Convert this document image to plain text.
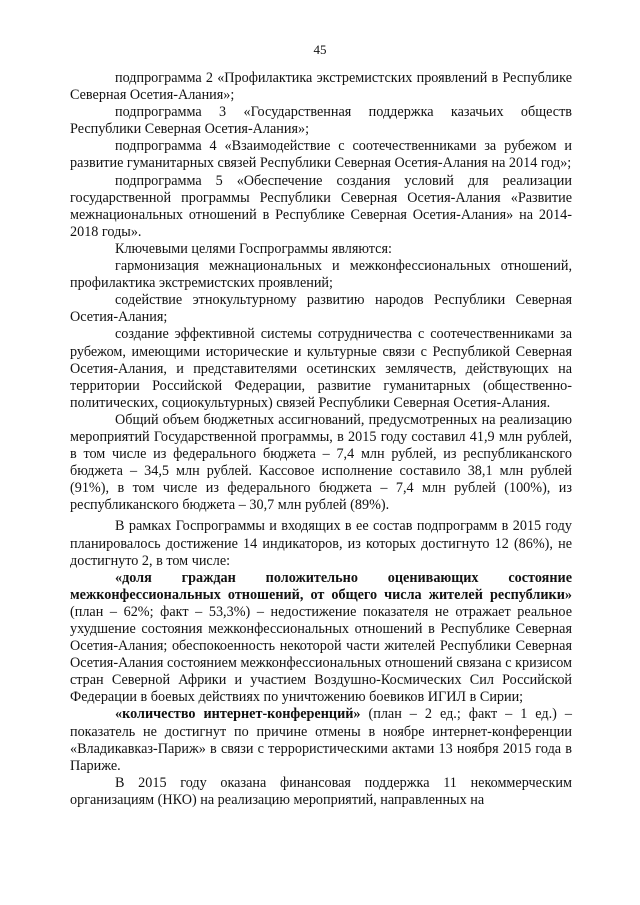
45

подпрограмма 2 «Профилактика экстремистских проявлений в Республике Северная Осетия-Алания»;

подпрограмма 3 «Государственная поддержка казачьих обществ Республики Северная Осетия-Алания»;

подпрограмма 4 «Взаимодействие с соотечественниками за рубежом и развитие гуманитарных связей Республики Северная Осетия-Алания на 2014 год»;

подпрограмма 5 «Обеспечение создания условий для реализации государственной программы Республики Северная Осетия-Алания «Развитие межнациональных отношений в Республике Северная Осетия-Алания» на 2014-2018 годы».

Ключевыми целями Госпрограммы являются:

гармонизация межнациональных и межконфессиональных отношений, профилактика экстремистских проявлений;

содействие этнокультурному развитию народов Республики Северная Осетия-Алания;

создание эффективной системы сотрудничества с соотечественниками за рубежом, имеющими исторические и культурные связи с Республикой Северная Осетия-Алания, и представителями осетинских землячеств, действующих на территории Российской Федерации, развитие гуманитарных (общественно-политических, социокультурных) связей Республики Северная Осетия-Алания.

Общий объем бюджетных ассигнований, предусмотренных на реализацию мероприятий Государственной программы, в 2015 году составил 41,9 млн рублей, в том числе из федерального бюджета – 7,4 млн рублей, из республиканского бюджета – 34,5 млн рублей. Кассовое исполнение составило 38,1 млн рублей (91%), в том числе из федерального бюджета – 7,4 млн рублей (100%), из республиканского бюджета – 30,7 млн рублей (89%).

В рамках Госпрограммы и входящих в ее состав подпрограмм в 2015 году планировалось достижение 14 индикаторов, из которых достигнуто 12 (86%), не достигнуто 2, в том числе:

«доля граждан положительно оценивающих состояние межконфессиональных отношений, от общего числа жителей республики» (план – 62%; факт – 53,3%) – недостижение показателя не отражает реальное ухудшение состояния межконфессиональных отношений в Республике Северная Осетия-Алания; обеспокоенность некоторой части жителей Республики Северная Осетия-Алания состоянием межконфессиональных отношений связана с кризисом стран Северной Африки и участием Воздушно-Космических Сил Российской Федерации в боевых действиях по уничтожению боевиков ИГИЛ в Сирии;

«количество интернет-конференций» (план – 2 ед.; факт – 1 ед.) – показатель не достигнут по причине отмены в ноябре интернет-конференции «Владикавказ-Париж» в связи с террористическими актами 13 ноября 2015 года в Париже.

В 2015 году оказана финансовая поддержка 11 некоммерческим организациям (НКО) на реализацию мероприятий, направленных на
